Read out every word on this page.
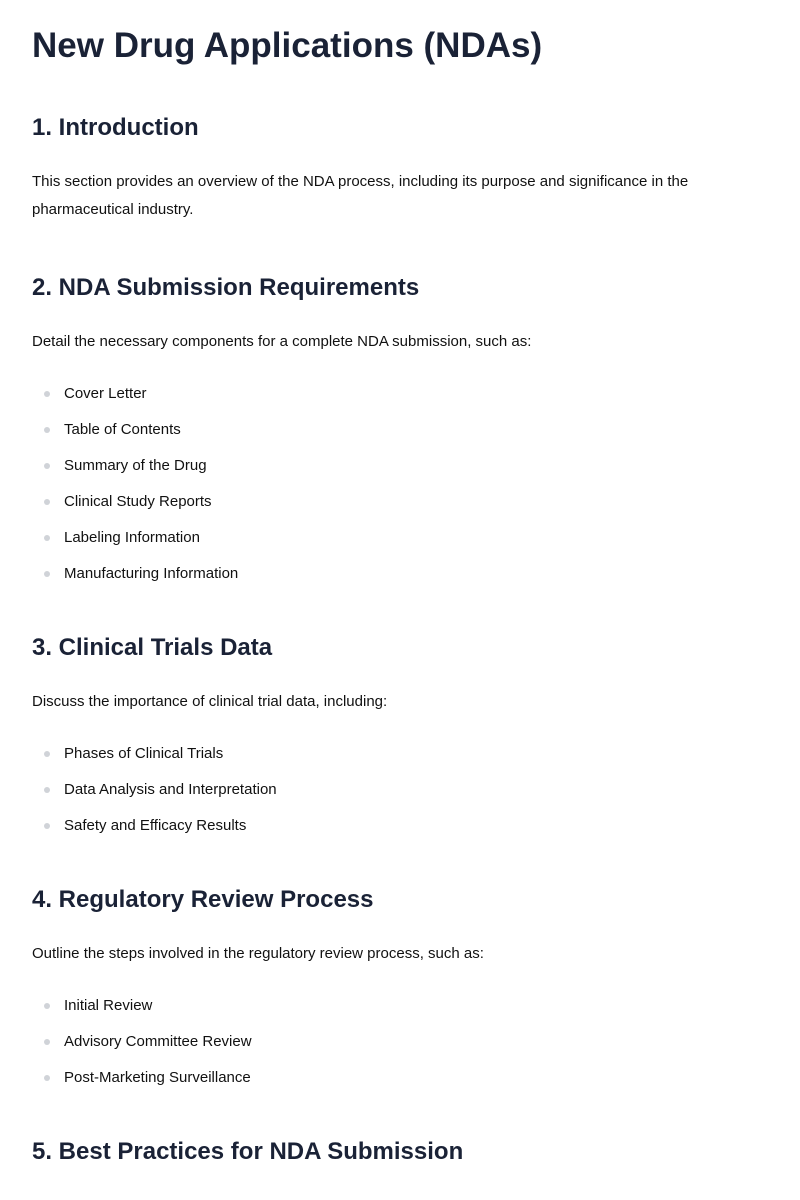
New Drug Applications (NDAs)
1. Introduction

This section provides an overview of the NDA process, including its purpose and significance in the pharmaceutical industry.

2. NDA Submission Requirements

Detail the necessary components for a complete NDA submission, such as:

Cover Letter
Table of Contents
Summary of the Drug
Clinical Study Reports
Labeling Information
Manufacturing Information
3. Clinical Trials Data

Discuss the importance of clinical trial data, including:

Phases of Clinical Trials
Data Analysis and Interpretation
Safety and Efficacy Results
4. Regulatory Review Process

Outline the steps involved in the regulatory review process, such as:

Initial Review
Advisory Committee Review
Post-Marketing Surveillance
5. Best Practices for NDA Submission
